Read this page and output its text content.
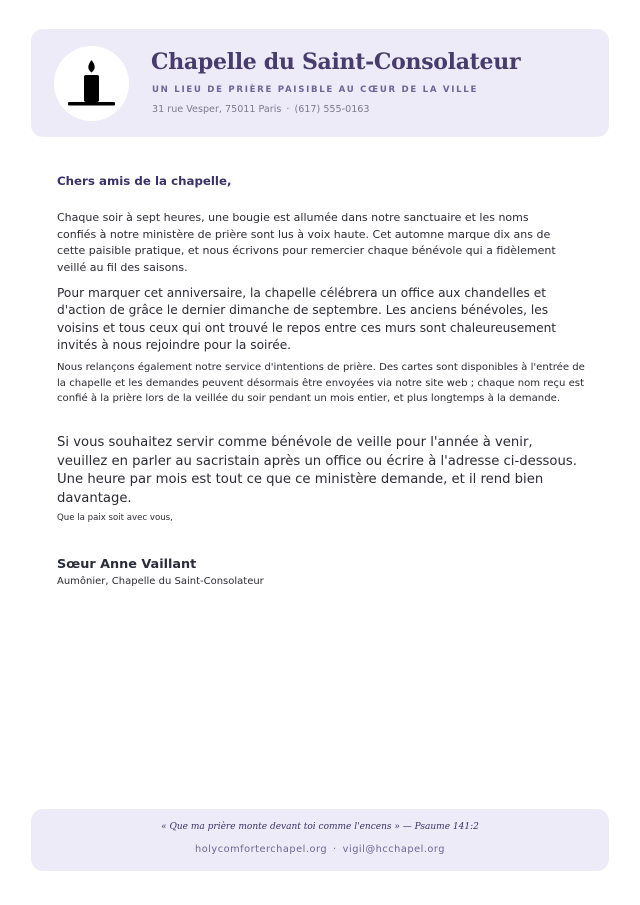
Chapelle du Saint-Consolateur
UN LIEU DE PRIÈRE PAISIBLE AU CŒUR DE LA VILLE
31 rue Vesper, 75011 Paris · (617) 555-0163
Chers amis de la chapelle,

Chaque soir à sept heures, une bougie est allumée dans notre sanctuaire et les noms confiés à notre ministère de prière sont lus à voix haute. Cet automne marque dix ans de cette paisible pratique, et nous écrivons pour remercier chaque bénévole qui a fidèlement veillé au fil des saisons.

Pour marquer cet anniversaire, la chapelle célébrera un office aux chandelles et d'action de grâce le dernier dimanche de septembre. Les anciens bénévoles, les voisins et tous ceux qui ont trouvé le repos entre ces murs sont chaleureusement invités à nous rejoindre pour la soirée.

Nous relançons également notre service d'intentions de prière. Des cartes sont disponibles à l'entrée de la chapelle et les demandes peuvent désormais être envoyées via notre site web ; chaque nom reçu est confié à la prière lors de la veillée du soir pendant un mois entier, et plus longtemps à la demande.

Si vous souhaitez servir comme bénévole de veille pour l'année à venir, veuillez en parler au sacristain après un office ou écrire à l'adresse ci-dessous. Une heure par mois est tout ce que ce ministère demande, et il rend bien davantage.

Que la paix soit avec vous,
Sœur Anne Vaillant
Aumônier, Chapelle du Saint-Consolateur
« Que ma prière monte devant toi comme l'encens » — Psaume 141:2
holycomforterchapel.org · vigil@hcchapel.org
